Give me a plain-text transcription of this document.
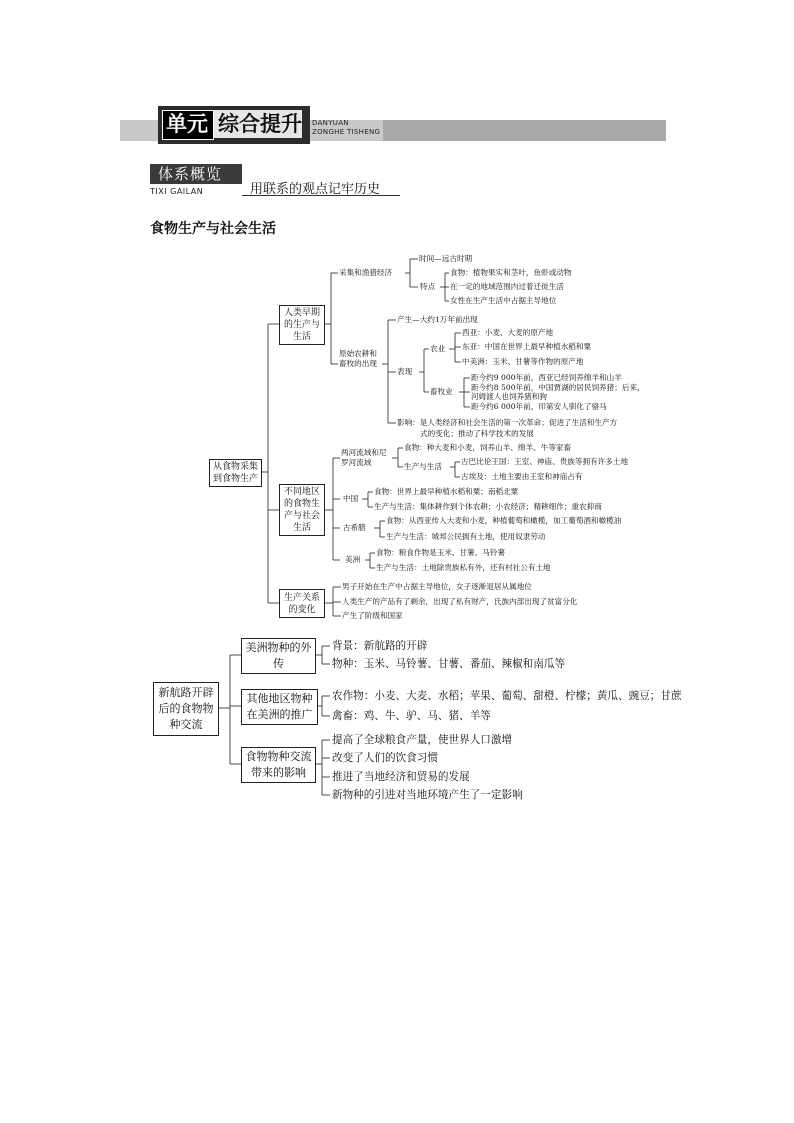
单元 综合提升 DANYUAN
ZONGHE TISHENG
体系概览
TIXI GAILAN	用联系的观点记牢历史
食物生产与社会生活
从食物采集到食物生产
人类早期的生产与生活
不同地区的食物生产与社会生活
生产关系的变化
采集和渔猎经济
时间—远古时期
特点
食物：植物果实和茎叶，鱼虾或动物
在一定的地域范围内过着迁徙生活
女性在生产生活中占据主导地位
原始农耕和畜牧的出现
产生—大约1万年前出现
表现
农业
西亚：小麦、大麦的原产地
东亚：中国在世界上最早种植水稻和粟
中美洲：玉米、甘薯等作物的原产地
畜牧业
距今约9 000年前，西亚已经饲养绵羊和山羊
距今约8 500年前，中国贾湖的居民饲养猪；后来，
河姆渡人也饲养猪和狗
距今约6 000年前，印第安人驯化了骆马
影响：是人类经济和社会生活的第一次革命；促进了生活和生产方
式的变化；推动了科学技术的发展
两河流域和尼罗河流域
食物：种大麦和小麦，饲养山羊、绵羊、牛等家畜
生产与生活
古巴比伦王国：王室、神庙、贵族等拥有许多土地
古埃及：土地主要由王室和神庙占有
中国
食物：世界上最早种植水稻和粟；南稻北粟
生产与生活：集体耕作到个体农耕；小农经济；精耕细作；重农抑商
古希腊
食物：从西亚传入大麦和小麦，种植葡萄和橄榄，加工葡萄酒和橄榄油
生产与生活：城邦公民拥有土地，使用奴隶劳动
美洲
食物：粮食作物是玉米、甘薯、马铃薯
生产与生活：土地除贵族私有外，还有村社公有土地
男子开始在生产中占据主导地位，女子逐渐退居从属地位
人类生产的产品有了剩余，出现了私有财产，氏族内部出现了贫富分化
产生了阶级和国家
新航路开辟后的食物物种交流
美洲物种的外传
其他地区物种在美洲的推广
食物物种交流带来的影响
背景：新航路的开辟
物种：玉米、马铃薯、甘薯、番茄、辣椒和南瓜等
农作物：小麦、大麦、水稻；苹果、葡萄、甜橙、柠檬；黄瓜、豌豆；甘蔗
禽畜：鸡、牛、驴、马、猪、羊等
提高了全球粮食产量，使世界人口激增
改变了人们的饮食习惯
推进了当地经济和贸易的发展
新物种的引进对当地环境产生了一定影响
